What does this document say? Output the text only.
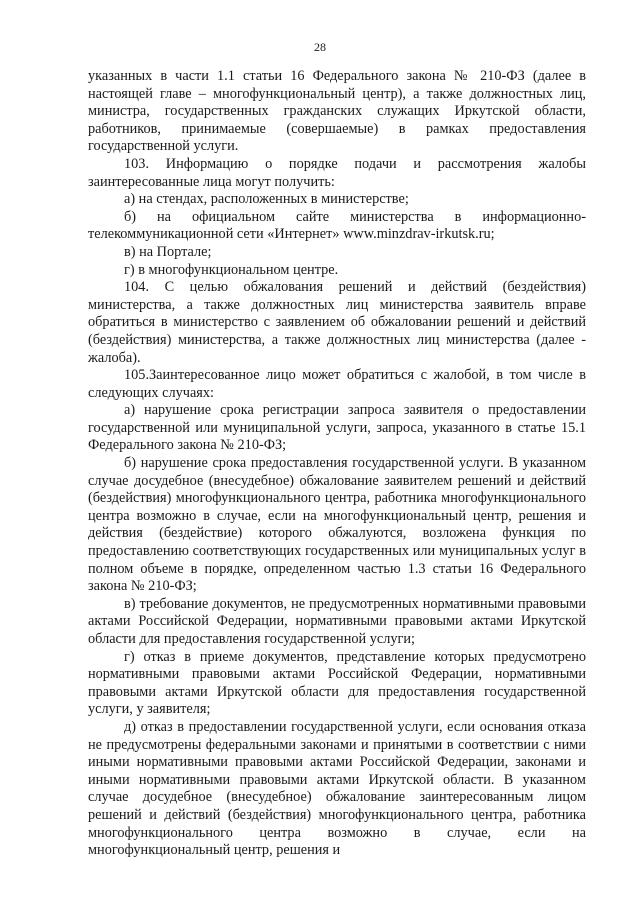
28

указанных в части 1.1 статьи 16 Федерального закона № 210-ФЗ (далее в настоящей главе – многофункциональный центр), а также должностных лиц, министра, государственных гражданских служащих Иркутской области, работников, принимаемые (совершаемые) в рамках предоставления государственной услуги.

103. Информацию о порядке подачи и рассмотрения жалобы заинтересованные лица могут получить:

а) на стендах, расположенных в министерстве;

б) на официальном сайте министерства в информационно-телекоммуникационной сети «Интернет» www.minzdrav-irkutsk.ru;

в) на Портале;

г) в многофункциональном центре.

104. С целью обжалования решений и действий (бездействия) министерства, а также должностных лиц министерства заявитель вправе обратиться в министерство с заявлением об обжаловании решений и действий (бездействия) министерства, а также должностных лиц министерства (далее - жалоба).

105.Заинтересованное лицо может обратиться с жалобой, в том числе в следующих случаях:

а) нарушение срока регистрации запроса заявителя о предоставлении государственной или муниципальной услуги, запроса, указанного в статье 15.1 Федерального закона № 210-ФЗ;

б) нарушение срока предоставления государственной услуги. В указанном случае досудебное (внесудебное) обжалование заявителем решений и действий (бездействия) многофункционального центра, работника многофункционального центра возможно в случае, если на многофункциональный центр, решения и действия (бездействие) которого обжалуются, возложена функция по предоставлению соответствующих государственных или муниципальных услуг в полном объеме в порядке, определенном частью 1.3 статьи 16 Федерального закона № 210-ФЗ;

в) требование документов, не предусмотренных нормативными правовыми актами Российской Федерации, нормативными правовыми актами Иркутской области для предоставления государственной услуги;

г) отказ в приеме документов, представление которых предусмотрено нормативными правовыми актами Российской Федерации, нормативными правовыми актами Иркутской области для предоставления государственной услуги, у заявителя;

д) отказ в предоставлении государственной услуги, если основания отказа не предусмотрены федеральными законами и принятыми в соответствии с ними иными нормативными правовыми актами Российской Федерации, законами и иными нормативными правовыми актами Иркутской области. В указанном случае досудебное (внесудебное) обжалование заинтересованным лицом решений и действий (бездействия) многофункционального центра, работника многофункционального центра возможно в случае, если на многофункциональный центр, решения и
